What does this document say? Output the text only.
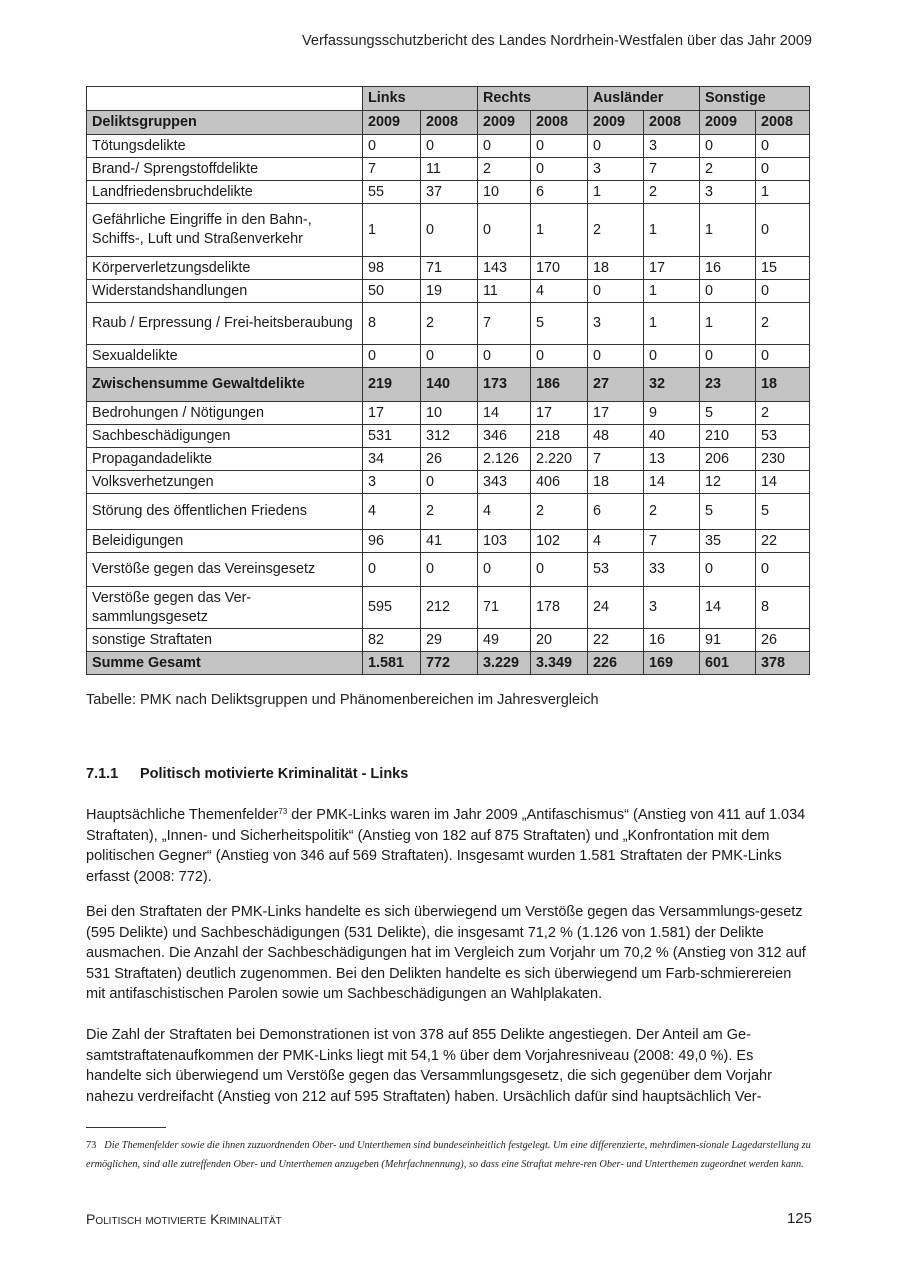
Verfassungsschutzbericht des Landes Nordrhein-Westfalen über das Jahr 2009
	Links		Rechts		Ausländer		Sonstige	
Deliktsgruppen	2009	2008	2009	2008	2009	2008	2009	2008
Tötungsdelikte	0	0	0	0	0	3	0	0
Brand-/ Sprengstoffdelikte	7	11	2	0	3	7	2	0
Landfriedensbruchdelikte	55	37	10	6	1	2	3	1
Gefährliche Eingriffe in den Bahn-, Schiffs-, Luft und Straßenverkehr	1	0	0	1	2	1	1	0
Körperverletzungsdelikte	98	71	143	170	18	17	16	15
Widerstandshandlungen	50	19	11	4	0	1	0	0
Raub / Erpressung / Frei-heitsberaubung	8	2	7	5	3	1	1	2
Sexualdelikte	0	0	0	0	0	0	0	0
Zwischensumme Gewaltdelikte	219	140	173	186	27	32	23	18
Bedrohungen / Nötigungen	17	10	14	17	17	9	5	2
Sachbeschädigungen	531	312	346	218	48	40	210	53
Propagandadelikte	34	26	2.126	2.220	7	13	206	230
Volksverhetzungen	3	0	343	406	18	14	12	14
Störung des öffentlichen Friedens	4	2	4	2	6	2	5	5
Beleidigungen	96	41	103	102	4	7	35	22
Verstöße gegen das Vereinsgesetz	0	0	0	0	53	33	0	0
Verstöße gegen das Ver-sammlungsgesetz	595	212	71	178	24	3	14	8
sonstige Straftaten	82	29	49	20	22	16	91	26
Summe Gesamt	1.581	772	3.229	3.349	226	169	601	378
Tabelle: PMK nach Deliktsgruppen und Phänomenbereichen im Jahresvergleich
7.1.1 Politisch motivierte Kriminalität - Links
Hauptsächliche Themenfelder$^{73}$ der PMK-Links waren im Jahr 2009 „Antifaschismus“ (Anstieg von 411 auf 1.034 Straftaten), „Innen- und Sicherheitspolitik“ (Anstieg von 182 auf 875 Straftaten) und „Konfrontation mit dem politischen Gegner“ (Anstieg von 346 auf 569 Straftaten). Insgesamt wurden 1.581 Straftaten der PMK-Links erfasst (2008: 772).
Bei den Straftaten der PMK-Links handelte es sich überwiegend um Verstöße gegen das Versammlungs-gesetz (595 Delikte) und Sachbeschädigungen (531 Delikte), die insgesamt 71,2 % (1.126 von 1.581) der Delikte ausmachen. Die Anzahl der Sachbeschädigungen hat im Vergleich zum Vorjahr um 70,2 % (Anstieg von 312 auf 531 Straftaten) deutlich zugenommen. Bei den Delikten handelte es sich überwiegend um Farb-schmierereien mit antifaschistischen Parolen sowie um Sachbeschädigungen an Wahlplakaten.
Die Zahl der Straftaten bei Demonstrationen ist von 378 auf 855 Delikte angestiegen. Der Anteil am Ge-samtstraftatenaufkommen der PMK-Links liegt mit 54,1 % über dem Vorjahresniveau (2008: 49,0 %). Es handelte sich überwiegend um Verstöße gegen das Versammlungsgesetz, die sich gegenüber dem Vorjahr nahezu verdreifacht (Anstieg von 212 auf 595 Straftaten) haben. Ursächlich dafür sind hauptsächlich Ver-
73 Die Themenfelder sowie die ihnen zuzuordnenden Ober- und Unterthemen sind bundeseinheitlich festgelegt. Um eine differenzierte, mehrdimen-sionale Lagedarstellung zu ermöglichen, sind alle zutreffenden Ober- und Unterthemen anzugeben (Mehrfachnennung), so dass eine Straftat mehre-ren Ober- und Unterthemen zugeordnet werden kann.
Politisch motivierte Kriminalität	125
